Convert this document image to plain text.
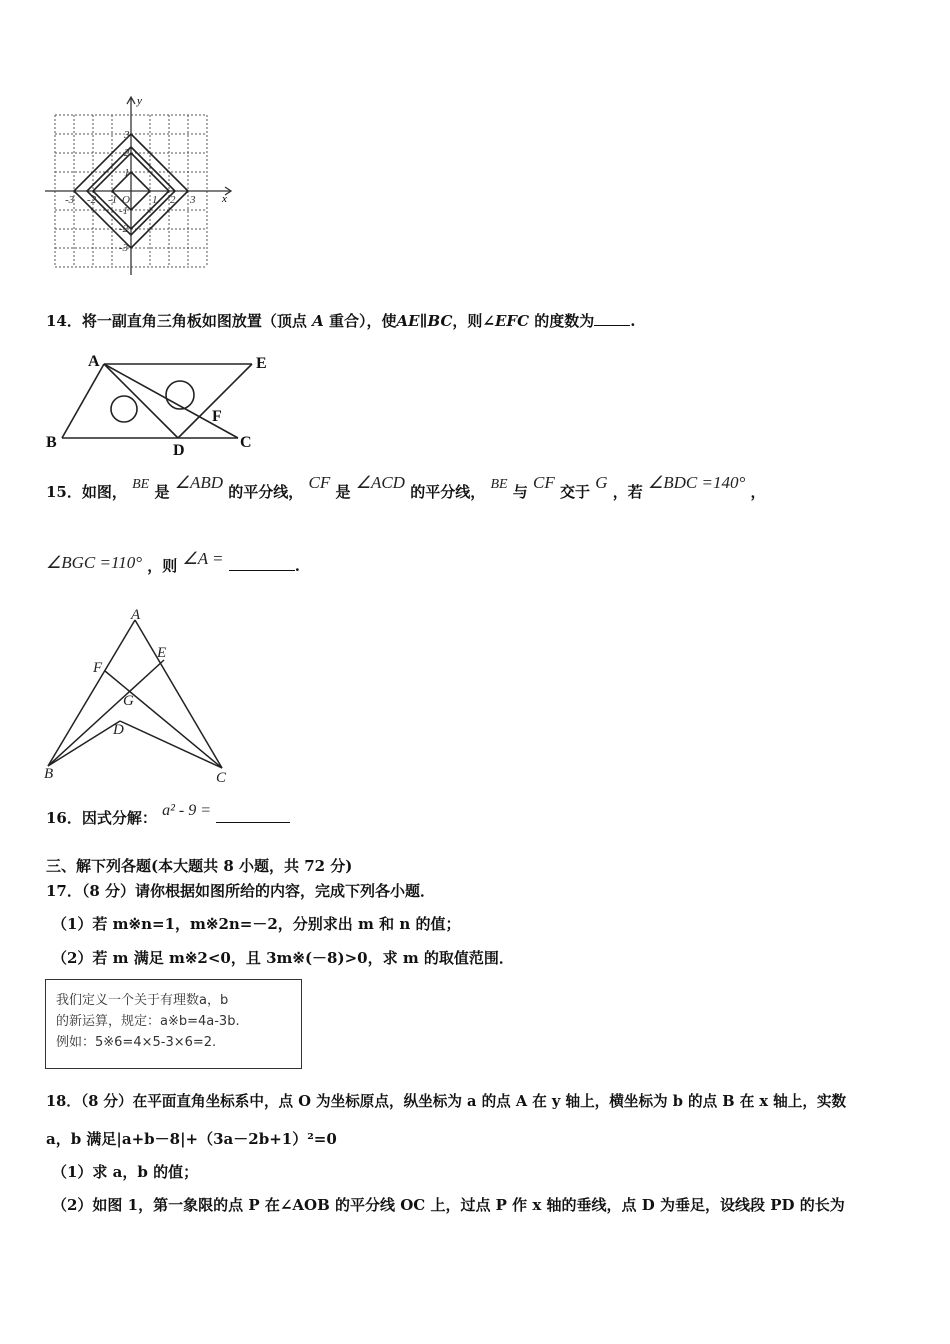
x
y
-3 -2 -1 O 1 2 3
3
2
1
-1
-2
-3
14．将一副直角三角板如图放置（顶点 A 重合），使AE∥BC，则∠EFC 的度数为 .
A	E
B	D	C
F
15．如图， BE 是 ∠ABD 的平分线， CF 是 ∠ACD 的平分线， BE 与 CF 交于 G ，若 ∠BDC =140° ，
∠BGC =110° ，则 ∠A =	.
A
E
F
G
D
B	C
16．因式分解： a² - 9 =
三、解下列各题(本大题共 8 小题，共 72 分)
17．（8 分）请你根据如图所给的内容，完成下列各小题．
（1）若 m※n=1，m※2n=－2，分别求出 m 和 n 的值；
（2）若 m 满足 m※2<0，且 3m※(－8)>0，求 m 的取值范围．
我们定义一个关于有理数a，b
的新运算，规定：a※b=4a-3b.
例如：5※6=4×5-3×6=2.
18．（8 分）在平面直角坐标系中，点 O 为坐标原点，纵坐标为 a 的点 A 在 y 轴上，横坐标为 b 的点 B 在 x 轴上，实数
a，b 满足|a+b－8|+（3a－2b+1）²=0
（1）求 a，b 的值；
（2）如图 1，第一象限的点 P 在∠AOB 的平分线 OC 上，过点 P 作 x 轴的垂线，点 D 为垂足，设线段 PD 的长为
